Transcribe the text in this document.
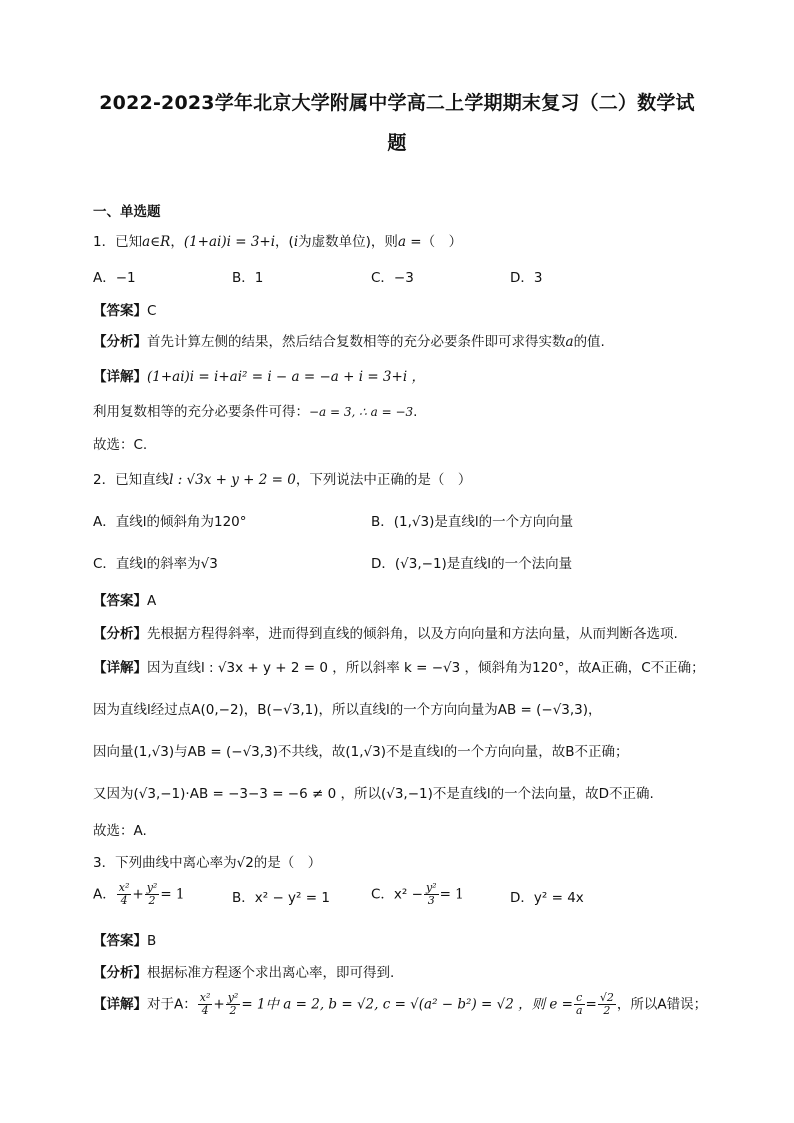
2022-2023学年北京大学附属中学高二上学期期末复习（二）数学试
题
一、单选题
1．已知a∈R，(1+ai)i = 3+i，(i为虚数单位)，则a =（　）
A．−1	B．1	C．−3	D．3
【答案】C
【分析】首先计算左侧的结果，然后结合复数相等的充分必要条件即可求得实数a的值.
【详解】(1+ai)i = i+ai² = i − a = −a + i = 3+i ，
利用复数相等的充分必要条件可得：−a = 3, ∴ a = −3.
故选：C.
2．已知直线l : √3x + y + 2 = 0，下列说法中正确的是（　）
A．直线l的倾斜角为120°	B．(1,√3)是直线l的一个方向向量
C．直线l的斜率为√3	D．(√3,−1)是直线l的一个法向量
【答案】A
【分析】先根据方程得斜率，进而得到直线的倾斜角，以及方向向量和方法向量，从而判断各选项.
【详解】因为直线l : √3x + y + 2 = 0 ，所以斜率 k = −√3 ，倾斜角为120°，故A正确，C不正确；
因为直线l经过点A(0,−2)，B(−√3,1)，所以直线l的一个方向向量为AB = (−√3,3)，
因向量(1,√3)与AB = (−√3,3)不共线，故(1,√3)不是直线l的一个方向向量，故B不正确；
又因为(√3,−1)·AB = −3−3 = −6 ≠ 0 ，所以(√3,−1)不是直线l的一个法向量，故D不正确.
故选：A.
3．下列曲线中离心率为√2的是（　）
A． $\frac{\text{x²}}{4} + \frac{\text{y²}}{2} = 1$	B．x² − y² = 1	C．$x^2 - \frac{\text{y²}}{3} = 1$	D．y² = 4x
【答案】B
【分析】根据标准方程逐个求出离心率，即可得到.
【详解】对于A： $\frac{\text{x²}}{4} + \frac{\text{y²}}{2} = 1$中 a = 2, b = √2, c = √(a² − b²) = √2 ，则 $e = \frac{c}{a} = \frac{√2}{2}$ ，所以A错误；
